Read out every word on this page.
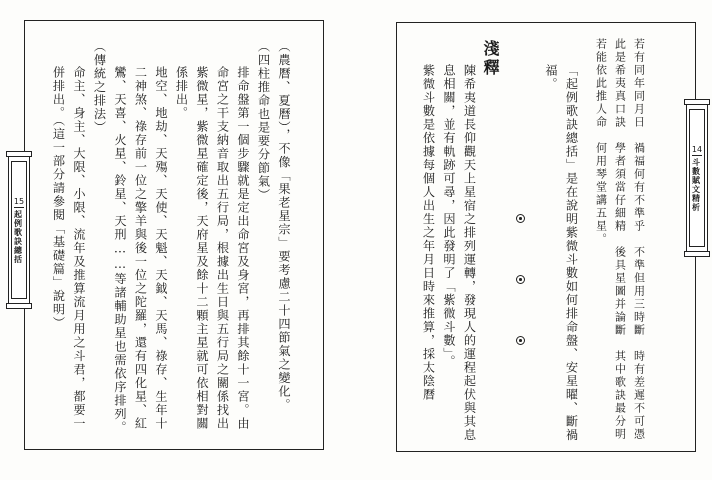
14
斗數賦文精析

若有同年同月日　禍福何有不準乎　不準但用三時斷　時有差遲不可憑

此是希夷真口訣　學者須當仔細精　後具星圖并論斷　其中歌訣最分明

若能依此推人命　何用琴堂講五星。

「起例歌訣總括」是在說明紫微斗數如何排命盤、安星曜、斷禍福。

淺釋

陳希夷道長仰觀天上星宿之排列運轉，發現人的運程起伏與其息息相關，並有軌跡可尋，因此發明了「紫微斗數」。

紫微斗數是依據每個人出生之年月日時來推算，採太陰曆

15
起例歌訣總括	（農曆、夏曆），不像「果老星宗」要考慮二十四節氣之變化。

（四柱推命也是要分節氣）

排命盤第一個步驟就是定出命宮及身宮，再排其餘十一宮。由命宮之干支納音取出五行局，根據出生日與五行局之關係找出紫微星，紫微星確定後，天府星及餘十二顆主星就可依相對關係排出。

地空、地劫、天殤、天使、天魁、天鉞、天馬、祿存、生年十二神煞、祿存前一位之擎羊與後一位之陀羅，還有四化星、紅鸞、天喜、火星、鈴星、天刑……等諸輔助星也需依序排列。

（傳統之排法）

命主、身主、大限、小限、流年及推算流月用之斗君，都要一併排出。（這一部分請參閱「基礎篇」說明）
